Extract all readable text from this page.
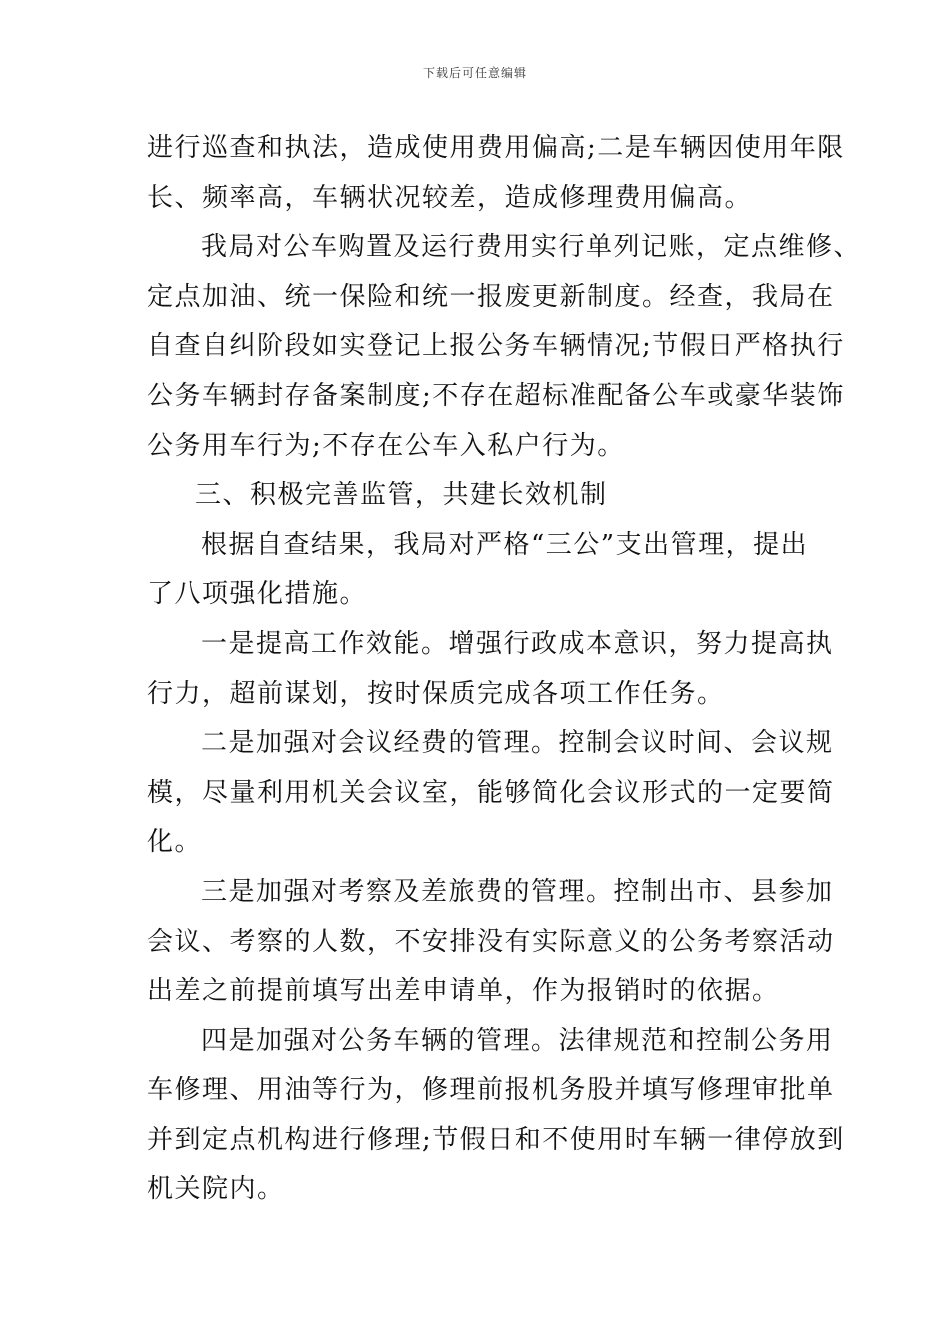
下载后可任意编辑
进行巡查和执法，造成使用费用偏高;二是车辆因使用年限
长、频率高，车辆状况较差，造成修理费用偏高。
我局对公车购置及运行费用实行单列记账，定点维修、
定点加油、统一保险和统一报废更新制度。经查，我局在
自查自纠阶段如实登记上报公务车辆情况;节假日严格执行
公务车辆封存备案制度;不存在超标准配备公车或豪华装饰
公务用车行为;不存在公车入私户行为。
三、积极完善监管，共建长效机制
根据自查结果，我局对严格“三公”支出管理，提出
了八项强化措施。
一是提高工作效能。增强行政成本意识，努力提高执
行力，超前谋划，按时保质完成各项工作任务。
二是加强对会议经费的管理。控制会议时间、会议规
模，尽量利用机关会议室，能够简化会议形式的一定要简
化。
三是加强对考察及差旅费的管理。控制出市、县参加
会议、考察的人数，不安排没有实际意义的公务考察活动
出差之前提前填写出差申请单，作为报销时的依据。
四是加强对公务车辆的管理。法律规范和控制公务用
车修理、用油等行为，修理前报机务股并填写修理审批单
并到定点机构进行修理;节假日和不使用时车辆一律停放到
机关院内。
